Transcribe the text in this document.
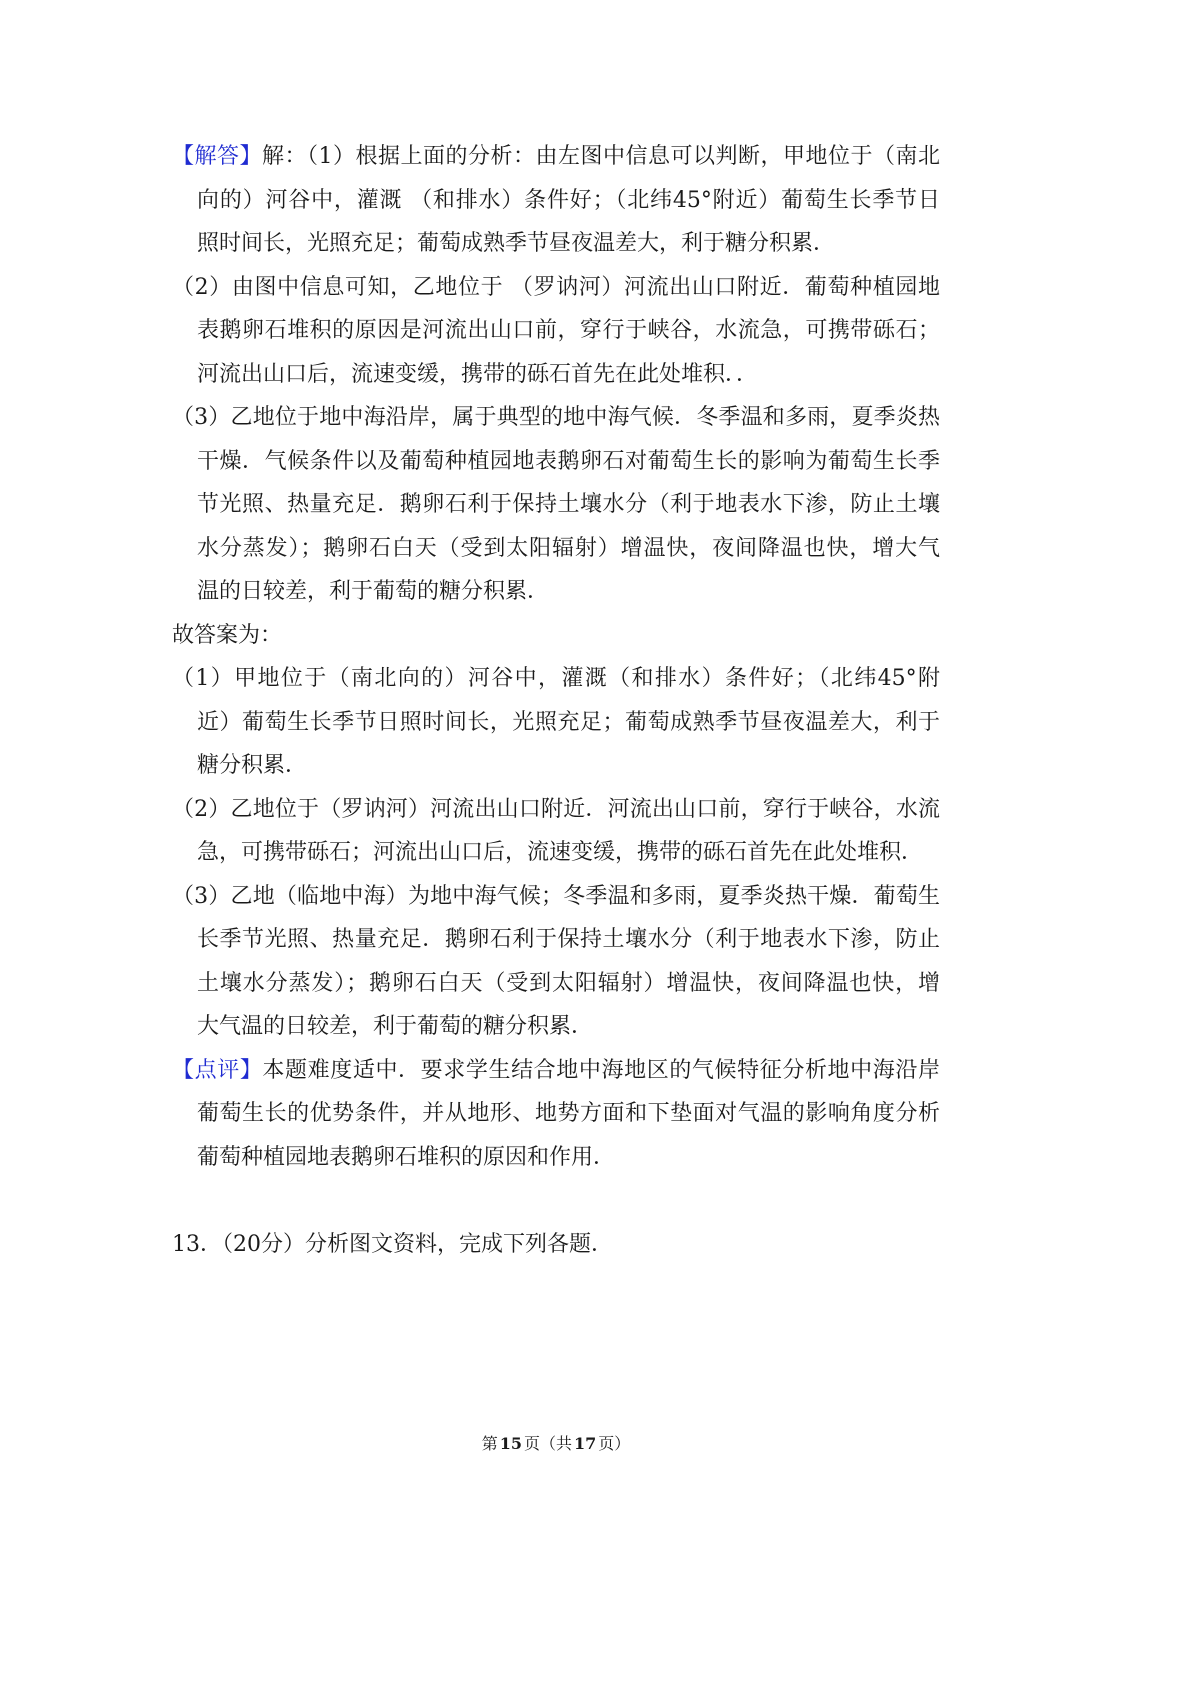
【解答】解：（1）根据上面的分析：由左图中信息可以判断，甲地位于（南北
向的）河谷中，灌溉 （和排水）条件好；（北纬45°附近）葡萄生长季节日
照时间长，光照充足；葡萄成熟季节昼夜温差大，利于糖分积累．
（2）由图中信息可知，乙地位于 （罗讷河）河流出山口附近．葡萄种植园地
表鹅卵石堆积的原因是河流出山口前，穿行于峡谷，水流急，可携带砾石；
河流出山口后，流速变缓，携带的砾石首先在此处堆积．．
（3）乙地位于地中海沿岸，属于典型的地中海气候．冬季温和多雨，夏季炎热
干燥．气候条件以及葡萄种植园地表鹅卵石对葡萄生长的影响为葡萄生长季
节光照、热量充足．鹅卵石利于保持土壤水分（利于地表水下渗，防止土壤
水分蒸发）；鹅卵石白天（受到太阳辐射）增温快，夜间降温也快，增大气
温的日较差，利于葡萄的糖分积累．
故答案为：
（1）甲地位于（南北向的）河谷中，灌溉（和排水）条件好；（北纬45°附
近）葡萄生长季节日照时间长，光照充足；葡萄成熟季节昼夜温差大，利于
糖分积累．
（2）乙地位于（罗讷河）河流出山口附近．河流出山口前，穿行于峡谷，水流
急，可携带砾石；河流出山口后，流速变缓，携带的砾石首先在此处堆积．
（3）乙地（临地中海）为地中海气候；冬季温和多雨，夏季炎热干燥．葡萄生
长季节光照、热量充足．鹅卵石利于保持土壤水分（利于地表水下渗，防止
土壤水分蒸发）；鹅卵石白天（受到太阳辐射）增温快，夜间降温也快，增
大气温的日较差，利于葡萄的糖分积累．
【点评】本题难度适中．要求学生结合地中海地区的气候特征分析地中海沿岸
葡萄生长的优势条件，并从地形、地势方面和下垫面对气温的影响角度分析
葡萄种植园地表鹅卵石堆积的原因和作用．
13．（20分）分析图文资料，完成下列各题．
第 15 页（共 17 页）
